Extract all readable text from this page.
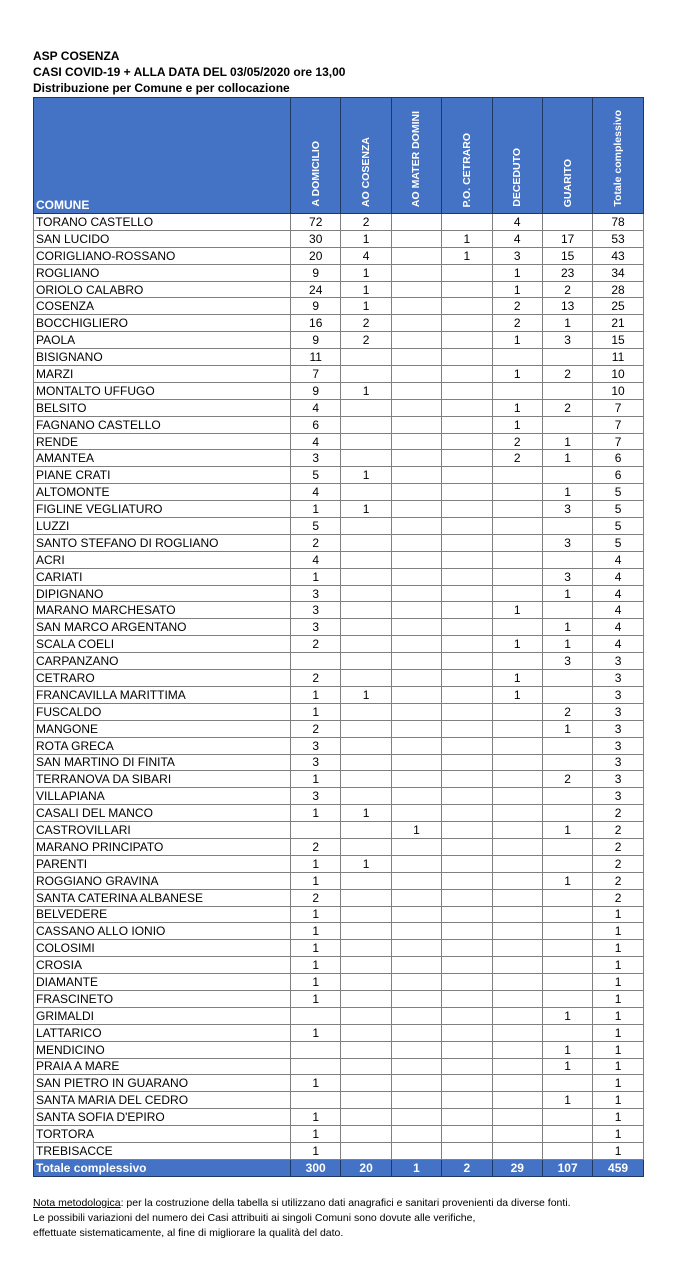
ASP COSENZA
CASI COVID-19 + ALLA DATA DEL 03/05/2020 ore 13,00
Distribuzione per Comune e per collocazione
COMUNE	A DOMICILIO	AO COSENZA	AO MATER DOMINI	P.O. CETRARO	DECEDUTO	GUARITO	Totale complessivo
TORANO CASTELLO	72	2			4		78
SAN LUCIDO	30	1		1	4	17	53
CORIGLIANO-ROSSANO	20	4		1	3	15	43
ROGLIANO	9	1			1	23	34
ORIOLO CALABRO	24	1			1	2	28
COSENZA	9	1			2	13	25
BOCCHIGLIERO	16	2			2	1	21
PAOLA	9	2			1	3	15
BISIGNANO	11						11
MARZI	7				1	2	10
MONTALTO UFFUGO	9	1					10
BELSITO	4				1	2	7
FAGNANO CASTELLO	6				1		7
RENDE	4				2	1	7
AMANTEA	3				2	1	6
PIANE CRATI	5	1					6
ALTOMONTE	4					1	5
FIGLINE VEGLIATURO	1	1				3	5
LUZZI	5						5
SANTO STEFANO DI ROGLIANO	2					3	5
ACRI	4						4
CARIATI	1					3	4
DIPIGNANO	3					1	4
MARANO MARCHESATO	3				1		4
SAN MARCO ARGENTANO	3					1	4
SCALA COELI	2				1	1	4
CARPANZANO						3	3
CETRARO	2				1		3
FRANCAVILLA MARITTIMA	1	1			1		3
FUSCALDO	1					2	3
MANGONE	2					1	3
ROTA GRECA	3						3
SAN MARTINO DI FINITA	3						3
TERRANOVA DA SIBARI	1					2	3
VILLAPIANA	3						3
CASALI DEL MANCO	1	1					2
CASTROVILLARI			1			1	2
MARANO PRINCIPATO	2						2
PARENTI	1	1					2
ROGGIANO GRAVINA	1					1	2
SANTA CATERINA ALBANESE	2						2
BELVEDERE	1						1
CASSANO ALLO IONIO	1						1
COLOSIMI	1						1
CROSIA	1						1
DIAMANTE	1						1
FRASCINETO	1						1
GRIMALDI						1	1
LATTARICO	1						1
MENDICINO						1	1
PRAIA A MARE						1	1
SAN PIETRO IN GUARANO	1						1
SANTA MARIA DEL CEDRO						1	1
SANTA SOFIA D'EPIRO	1						1
TORTORA	1						1
TREBISACCE	1						1
Totale complessivo	300	20	1	2	29	107	459
Nota metodologica: per la costruzione della tabella si utilizzano dati anagrafici e sanitari provenienti da diverse fonti.
Le possibili variazioni del numero dei Casi attribuiti ai singoli Comuni sono dovute alle verifiche,
effettuate sistematicamente, al fine di migliorare la qualità del dato.
